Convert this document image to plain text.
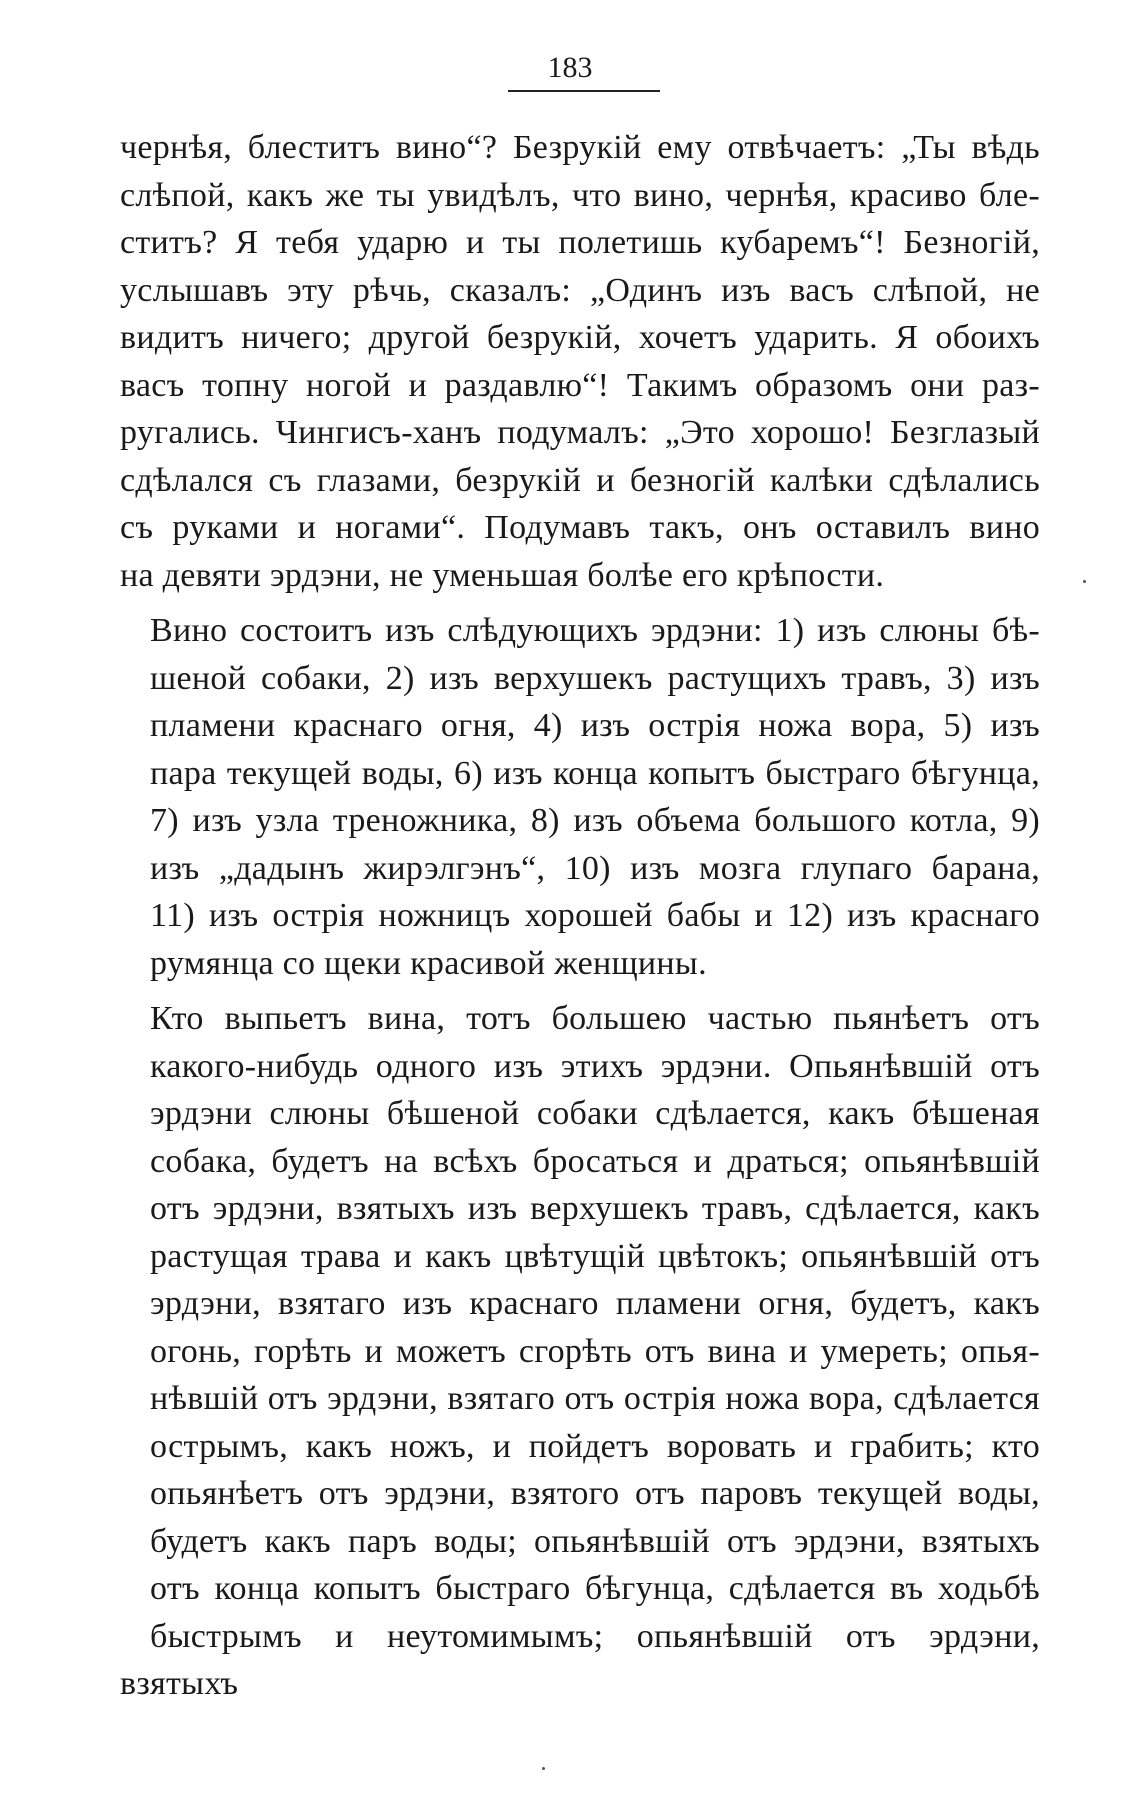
183

чернѣя, блеститъ вино“? Безрукій ему отвѣчаетъ: „Ты вѣдь
слѣпой, какъ же ты увидѣлъ, что вино, чернѣя, красиво бле-
ститъ? Я тебя ударю и ты полетишь кубаремъ“! Безногій,
услышавъ эту рѣчь, сказалъ: „Одинъ изъ васъ слѣпой, не
видитъ ничего; другой безрукій, хочетъ ударить. Я обоихъ
васъ топну ногой и раздавлю“! Такимъ образомъ они раз-
ругались. Чингисъ-ханъ подумалъ: „Это хорошо! Безглазый
сдѣлался съ глазами, безрукій и безногій калѣки сдѣлались
съ руками и ногами“. Подумавъ такъ, онъ оставилъ вино
на девяти эрдэни, не уменьшая болѣе его крѣпости.

Вино состоитъ изъ слѣдующихъ эрдэни: 1) изъ слюны бѣ-
шеной собаки, 2) изъ верхушекъ растущихъ травъ, 3) изъ
пламени краснаго огня, 4) изъ острія ножа вора, 5) изъ
пара текущей воды, 6) изъ конца копытъ быстраго бѣгунца,
7) изъ узла треножника, 8) изъ объема большого котла, 9)
изъ „дадынъ жирэлгэнъ“, 10) изъ мозга глупаго барана,
11) изъ острія ножницъ хорошей бабы и 12) изъ краснаго
румянца со щеки красивой женщины.

Кто выпьетъ вина, тотъ большею частью пьянѣетъ отъ
какого-нибудь одного изъ этихъ эрдэни. Опьянѣвшій отъ
эрдэни слюны бѣшеной собаки сдѣлается, какъ бѣшеная
собака, будетъ на всѣхъ бросаться и драться; опьянѣвшій
отъ эрдэни, взятыхъ изъ верхушекъ травъ, сдѣлается, какъ
растущая трава и какъ цвѣтущій цвѣтокъ; опьянѣвшій отъ
эрдэни, взятаго изъ краснаго пламени огня, будетъ, какъ
огонь, горѣть и можетъ сгорѣть отъ вина и умереть; опья-
нѣвшій отъ эрдэни, взятаго отъ острія ножа вора, сдѣлается
острымъ, какъ ножъ, и пойдетъ воровать и грабить; кто
опьянѣетъ отъ эрдэни, взятого отъ паровъ текущей воды,
будетъ какъ паръ воды; опьянѣвшій отъ эрдэни, взятыхъ
отъ конца копытъ быстраго бѣгунца, сдѣлается въ ходьбѣ
быстрымъ и неутомимымъ; опьянѣвшій отъ эрдэни, взятыхъ
